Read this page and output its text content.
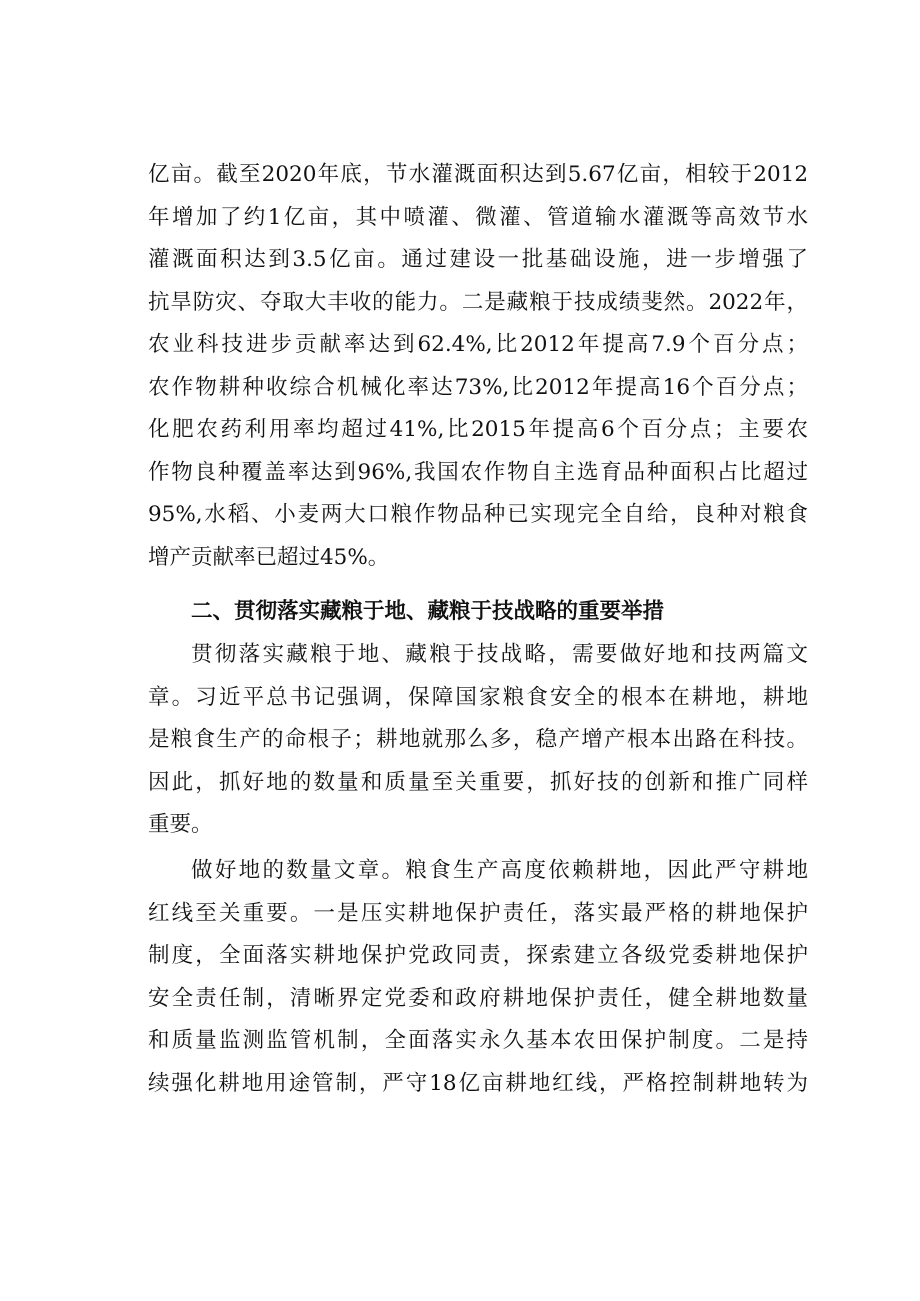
亿亩。截至2020年底，节水灌溉面积达到5.67亿亩，相较于2012
年增加了约1亿亩，其中喷灌、微灌、管道输水灌溉等高效节水
灌溉面积达到3.5亿亩。通过建设一批基础设施，进一步增强了
抗旱防灾、夺取大丰收的能力。二是藏粮于技成绩斐然。2022年，
农业科技进步贡献率达到62.4%,比2012年提高7.9个百分点；
农作物耕种收综合机械化率达73%,比2012年提高16个百分点；
化肥农药利用率均超过41%,比2015年提高6个百分点；主要农
作物良种覆盖率达到96%,我国农作物自主选育品种面积占比超过
95%,水稻、小麦两大口粮作物品种已实现完全自给，良种对粮食
增产贡献率已超过45%。
二、贯彻落实藏粮于地、藏粮于技战略的重要举措
贯彻落实藏粮于地、藏粮于技战略，需要做好地和技两篇文
章。习近平总书记强调，保障国家粮食安全的根本在耕地，耕地
是粮食生产的命根子；耕地就那么多，稳产增产根本出路在科技。
因此，抓好地的数量和质量至关重要，抓好技的创新和推广同样
重要。
做好地的数量文章。粮食生产高度依赖耕地，因此严守耕地
红线至关重要。一是压实耕地保护责任，落实最严格的耕地保护
制度，全面落实耕地保护党政同责，探索建立各级党委耕地保护
安全责任制，清晰界定党委和政府耕地保护责任，健全耕地数量
和质量监测监管机制，全面落实永久基本农田保护制度。二是持
续强化耕地用途管制，严守18亿亩耕地红线，严格控制耕地转为
